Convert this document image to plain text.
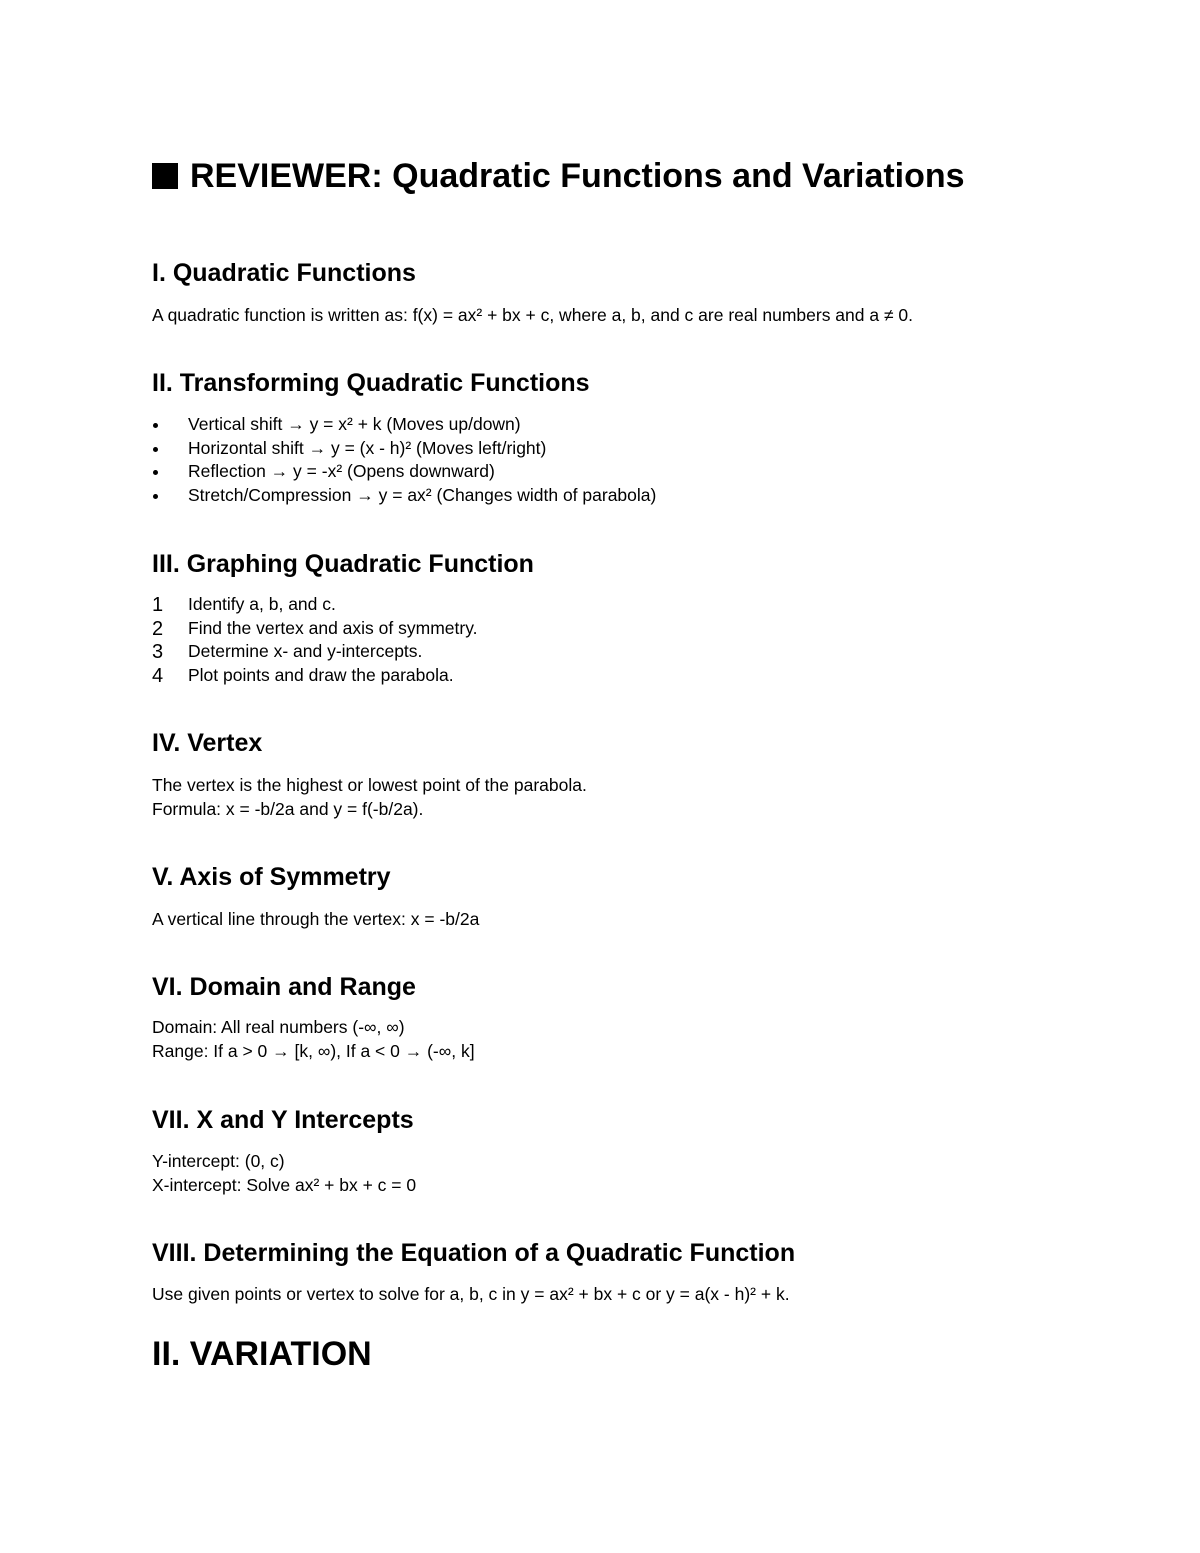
REVIEWER: Quadratic Functions and Variations
I. Quadratic Functions

A quadratic function is written as: f(x) = ax² + bx + c, where a, b, and c are real numbers and a ≠ 0.

II. Transforming Quadratic Functions
Vertical shift → y = x² + k (Moves up/down)
Horizontal shift → y = (x - h)² (Moves left/right)
Reflection → y = -x² (Opens downward)
Stretch/Compression → y = ax² (Changes width of parabola)
III. Graphing Quadratic Function
1 Identify a, b, and c.
2 Find the vertex and axis of symmetry.
3 Determine x- and y-intercepts.
4 Plot points and draw the parabola.
IV. Vertex

The vertex is the highest or lowest point of the parabola.

Formula: x = -b/2a and y = f(-b/2a).

V. Axis of Symmetry

A vertical line through the vertex: x = -b/2a

VI. Domain and Range

Domain: All real numbers (-∞, ∞)

Range: If a > 0 → [k, ∞), If a < 0 → (-∞, k]

VII. X and Y Intercepts

Y-intercept: (0, c)

X-intercept: Solve ax² + bx + c = 0

VIII. Determining the Equation of a Quadratic Function

Use given points or vertex to solve for a, b, c in y = ax² + bx + c or y = a(x - h)² + k.

II. VARIATION
